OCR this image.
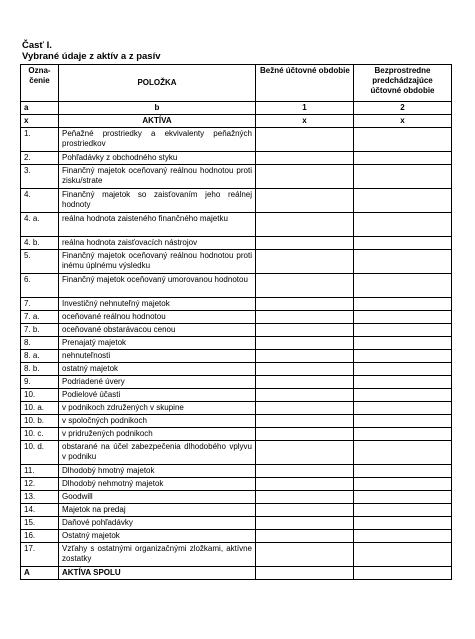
Časť I.
Vybrané údaje z aktív a z pasív
Ozna-čenie	POLOŽKA	Bežné účtovné obdobie	Bezprostredne predchádzajúce účtovné obdobie
a	b	1	2
x	AKTÍVA	x	x
1.	Peňažné prostriedky a ekvivalenty peňažných prostriedkov		
2.	Pohľadávky z obchodného styku		
3.	Finančný majetok oceňovaný reálnou hodnotou proti zisku/strate		
4.	Finančný majetok so zaisťovaním jeho reálnej hodnoty		
4. a.	reálna hodnota zaisteného finančného majetku		
4. b.	reálna hodnota zaisťovacích nástrojov		
5.	Finančný majetok oceňovaný reálnou hodnotou proti inému úplnému výsledku		
6.	Finančný majetok oceňovaný umorovanou hodnotou		
7.	Investičný nehnuteľný majetok		
7. a.	oceňované reálnou hodnotou		
7. b.	oceňované obstarávacou cenou		
8.	Prenajatý majetok		
8. a.	nehnuteľnosti		
8. b.	ostatný majetok		
9.	Podriadené úvery		
10.	Podielové účasti		
10. a.	v podnikoch združených v skupine		
10. b.	v spoločných podnikoch		
10. c.	v pridružených podnikoch		
10. d.	obstarané na účel zabezpečenia dlhodobého vplyvu v podniku		
11.	Dlhodobý hmotný majetok		
12.	Dlhodobý nehmotný majetok		
13.	Goodwill		
14.	Majetok na predaj		
15.	Daňové pohľadávky		
16.	Ostatný majetok		
17.	Vzťahy s ostatnými organizačnými zložkami, aktívne zostatky		
A	AKTÍVA SPOLU		
